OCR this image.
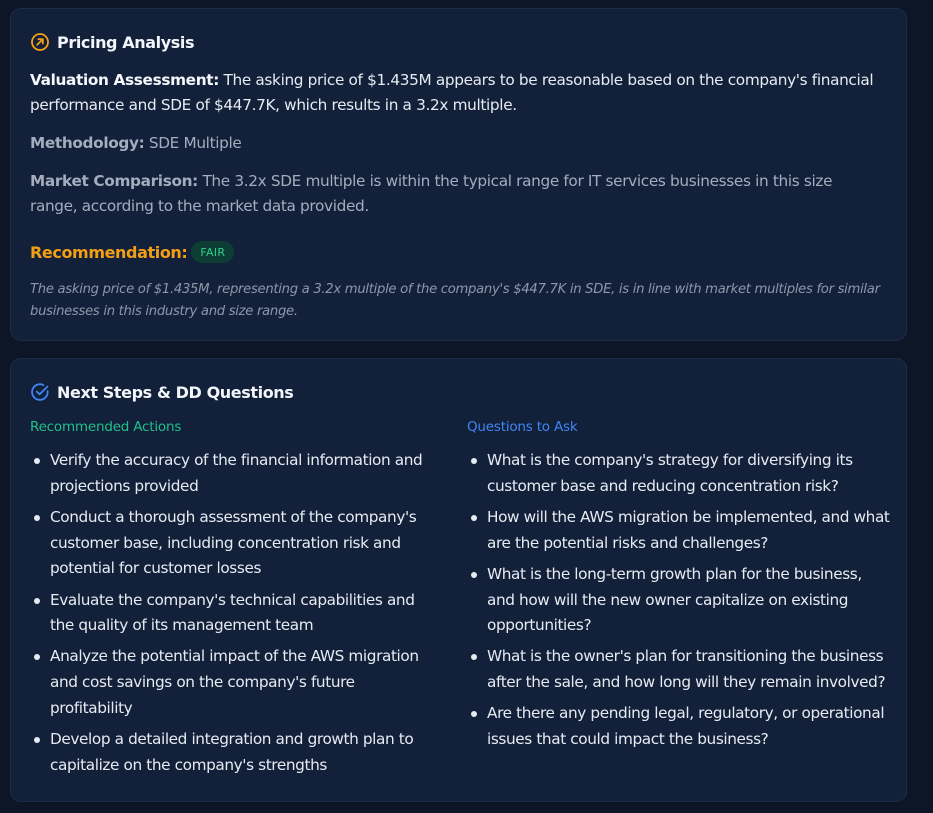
Pricing Analysis
Valuation Assessment: The asking price of $1.435M appears to be reasonable based on the company's financial performance and SDE of $447.7K, which results in a 3.2x multiple.
Methodology: SDE Multiple
Market Comparison: The 3.2x SDE multiple is within the typical range for IT services businesses in this size range, according to the market data provided.
Recommendation:	FAIR
The asking price of $1.435M, representing a 3.2x multiple of the company's $447.7K in SDE, is in line with market multiples for similar businesses in this industry and size range.
Next Steps & DD Questions
Recommended Actions	Questions to Ask
Verify the accuracy of the financial information and projections provided
Conduct a thorough assessment of the company's customer base, including concentration risk and potential for customer losses
Evaluate the company's technical capabilities and the quality of its management team
Analyze the potential impact of the AWS migration and cost savings on the company's future profitability
Develop a detailed integration and growth plan to capitalize on the company's strengths
What is the company's strategy for diversifying its customer base and reducing concentration risk?
How will the AWS migration be implemented, and what are the potential risks and challenges?
What is the long-term growth plan for the business, and how will the new owner capitalize on existing opportunities?
What is the owner's plan for transitioning the business after the sale, and how long will they remain involved?
Are there any pending legal, regulatory, or operational issues that could impact the business?
